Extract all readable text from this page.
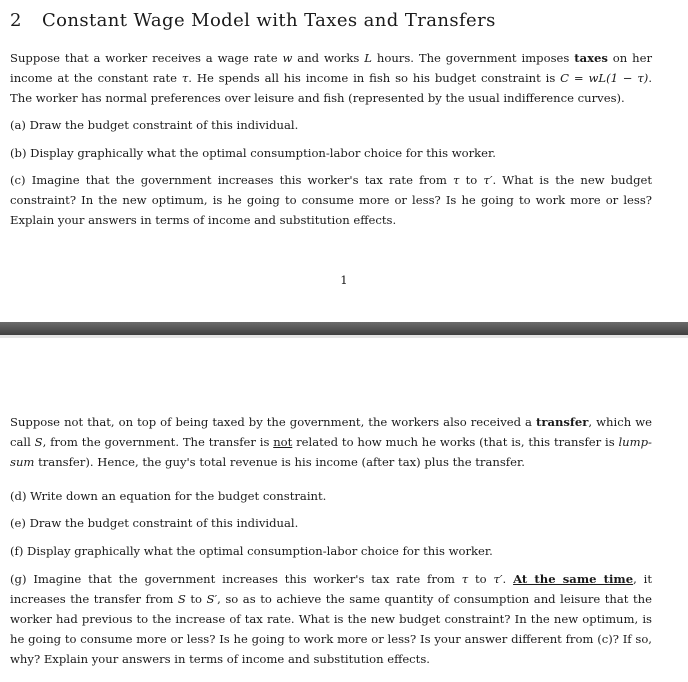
2 Constant Wage Model with Taxes and Transfers

Suppose that a worker receives a wage rate w and works L hours. The government imposes taxes on her income at the constant rate τ. He spends all his income in fish so his budget constraint is C = wL(1 − τ). The worker has normal preferences over leisure and fish (represented by the usual indifference curves).

(a) Draw the budget constraint of this individual.

(b) Display graphically what the optimal consumption-labor choice for this worker.

(c) Imagine that the government increases this worker's tax rate from τ to τ′. What is the new budget constraint? In the new optimum, is he going to consume more or less? Is he going to work more or less? Explain your answers in terms of income and substitution effects.

1

Suppose not that, on top of being taxed by the government, the workers also received a transfer, which we call S, from the government. The transfer is not related to how much he works (that is, this transfer is lump-sum transfer). Hence, the guy's total revenue is his income (after tax) plus the transfer.

(d) Write down an equation for the budget constraint.

(e) Draw the budget constraint of this individual.

(f) Display graphically what the optimal consumption-labor choice for this worker.

(g) Imagine that the government increases this worker's tax rate from τ to τ′. At the same time, it increases the transfer from S to S′, so as to achieve the same quantity of consumption and leisure that the worker had previous to the increase of tax rate. What is the new budget constraint? In the new optimum, is he going to consume more or less? Is he going to work more or less? Is your answer different from (c)? If so, why? Explain your answers in terms of income and substitution effects.
